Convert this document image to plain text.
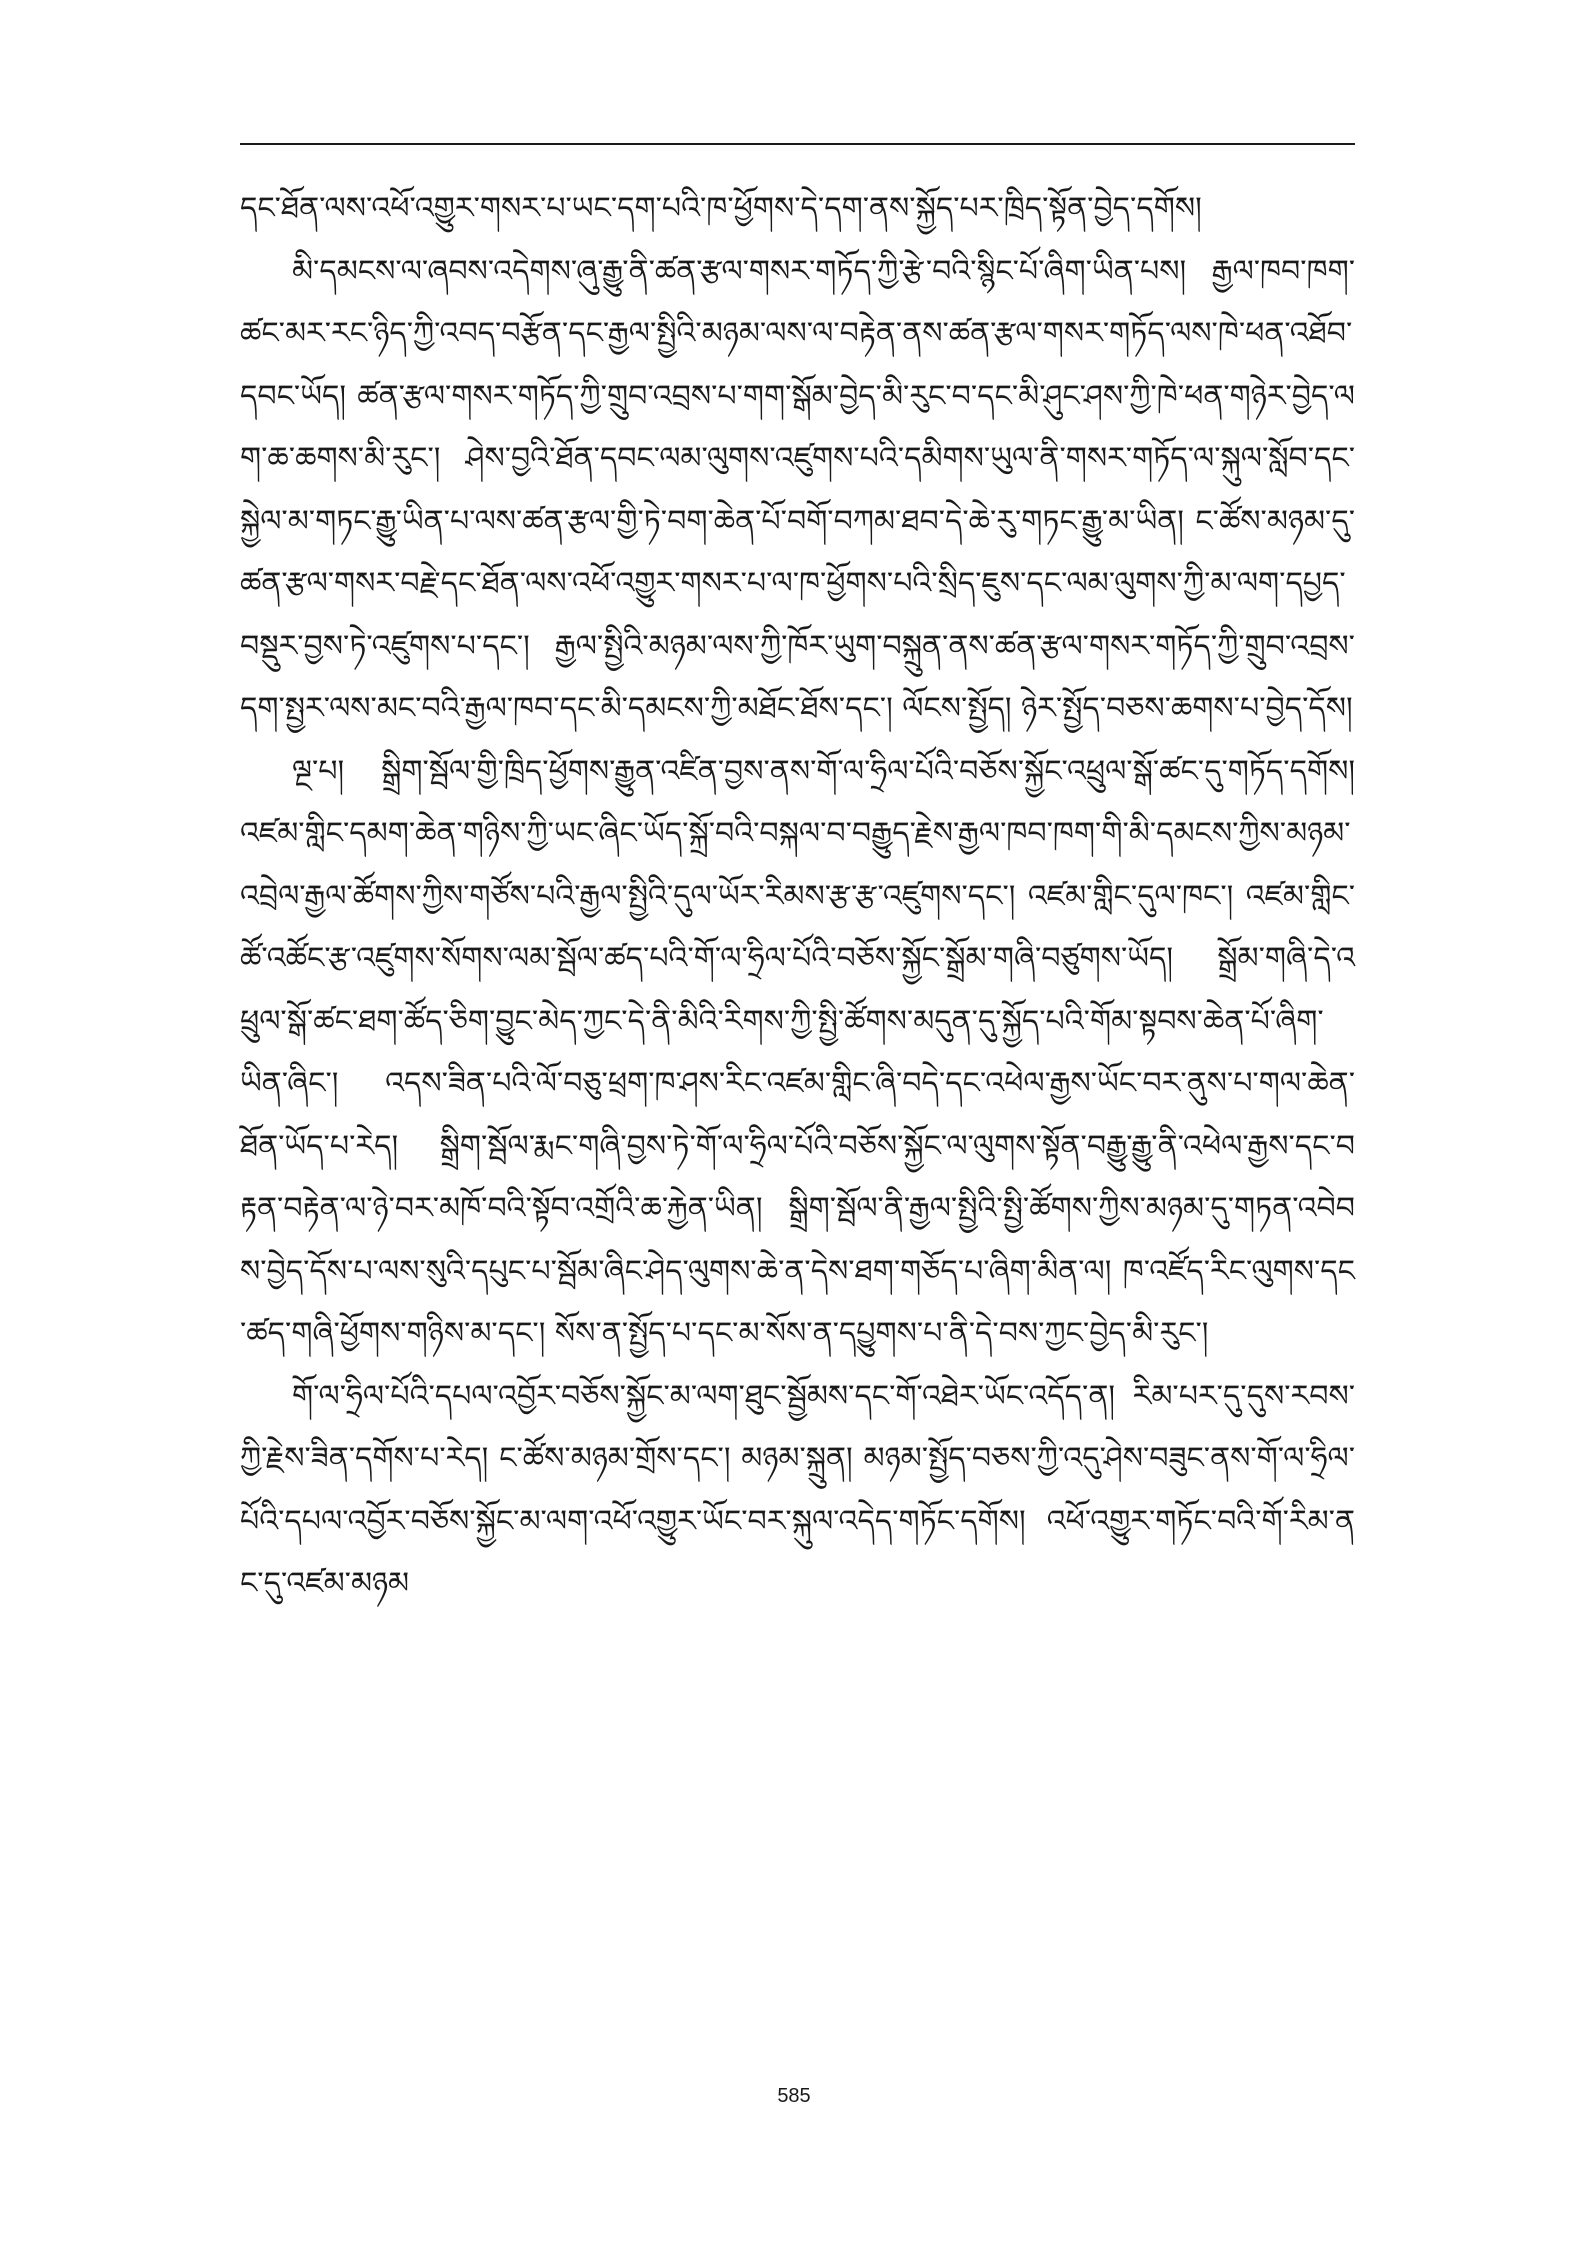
དང་ཐོན་ལས་འཕོ་འགྱུར་གསར་པ་ཡང་དག་པའི་ཁ་ཕྱོགས་དེ་དག་ནས་སྐྱོད་པར་ཁྲིད་སྟོན་བྱེད་དགོས།

མི་དམངས་ལ་ཞབས་འདེགས་ཞུ་རྒྱུ་ནི་ཚན་རྩལ་གསར་གཏོད་ཀྱི་རྩེ་བའི་སྙིང་པོ་ཞིག་ཡིན་པས། རྒྱལ་ཁབ་ཁག་ཚང་མར་རང་ཉིད་ཀྱི་འབད་བརྩོན་དང་རྒྱལ་སྤྱིའི་མཉམ་ལས་ལ་བརྟེན་ནས་ཚན་རྩལ་གསར་གཏོད་ལས་ཁེ་ཕན་འཐོབ་དབང་ཡོད། ཚན་རྩལ་གསར་གཏོད་ཀྱི་གྲུབ་འབྲས་པ་གག་སྒོམ་བྱེད་མི་རུང་བ་དང་མི་ཤུང་ཤས་ཀྱི་ཁེ་ཕན་གཉེར་བྱེད་ལག་ཆ་ཆགས་མི་རུང་། ཤེས་བྱའི་ཐོན་དབང་ལམ་ལུགས་འཛུགས་པའི་དམིགས་ཡུལ་ནི་གསར་གཏོད་ལ་སྐུལ་སློབ་དང་སྐྱེལ་མ་གཏང་རྒྱུ་ཡིན་པ་ལས་ཚན་རྩལ་གྱི་ཏེ་བག་ཆེན་པོ་བགོ་བཀམ་ཐབ་དེ་ཆེ་རུ་གཏང་རྒྱུ་མ་ཡིན། ང་ཚོས་མཉམ་དུ་ཚན་རྩལ་གསར་བརྗེ་དང་ཐོན་ལས་འཕོ་འགྱུར་གསར་པ་ལ་ཁ་ཕྱོགས་པའི་སྲིད་ཇུས་དང་ལམ་ལུགས་ཀྱི་མ་ལག་དཔྱད་བསྡུར་བྱས་ཏེ་འཛུགས་པ་དང་། རྒྱལ་སྤྱིའི་མཉམ་ལས་ཀྱི་ཁོར་ཡུག་བསྐྲུན་ནས་ཚན་རྩལ་གསར་གཏོད་ཀྱི་གྲུབ་འབྲས་དག་སྤྱར་ལས་མང་བའི་རྒྱལ་ཁབ་དང་མི་དམངས་ཀྱི་མཐོང་ཐོས་དང་། ལོངས་སྤྱོད། ཉེར་སྤྱོད་བཅས་ཆགས་པ་བྱེད་དོས།

ལྔ་པ། སྒྲིག་སྦོལ་གྱི་ཁྲིད་ཕྱོགས་རྒྱུན་འཛིན་བྱས་ནས་གོ་ལ་ཧྲིལ་པོའི་བཅོས་སྐྱོང་འཕྲུལ་སྒོ་ཚང་དུ་གཏོད་དགོས། འཛམ་གླིང་དམག་ཆེན་གཉིས་ཀྱི་ཡང་ཞིང་ཡོད་སྐྲོ་བའི་བསྐལ་བ་བརྒྱུད་རྗེས་རྒྱལ་ཁབ་ཁག་གི་མི་དམངས་ཀྱིས་མཉམ་འབྲེལ་རྒྱལ་ཚོགས་ཀྱིས་གཙོས་པའི་རྒྱལ་སྤྱིའི་དུལ་ཡོར་རིམས་རྩ་རྩ་འཛུགས་དང་། འཛམ་གླིང་དུལ་ཁང་། འཛམ་གླིང་ཚོ་འཚོང་རྩ་འཛུགས་སོགས་ལམ་སྦོལ་ཚད་པའི་གོ་ལ་ཧྲིལ་པོའི་བཅོས་སྐྱོང་སྒྲོམ་གཞི་བཙུགས་ཡོད། སྒྲོམ་གཞི་དེ་འཕྲུལ་སྒོ་ཚང་ཐག་ཚོད་ཅིག་བྱུང་མེད་ཀྱང་དེ་ནི་མིའི་རིགས་ཀྱི་སྤྱི་ཚོགས་མདུན་དུ་སྐྱོད་པའི་གོམ་སྟབས་ཆེན་པོ་ཞིག་ཡིན་ཞིང་། འདས་ཟིན་པའི་ལོ་བཅུ་ཕྲག་ཁ་ཤས་རིང་འཛམ་གླིང་ཞི་བདེ་དང་འཕེལ་རྒྱས་ཡོང་བར་ནུས་པ་གལ་ཆེན་ཐོན་ཡོད་པ་རེད། སྒྲིག་སྦོལ་རྨང་གཞི་བྱས་ཏེ་གོ་ལ་ཧྲིལ་པོའི་བཅོས་སྐྱོང་ལ་ལུགས་སྟོན་བརྒྱུ་རྒྱུ་ནི་འཕེལ་རྒྱས་དང་བརྟན་བརྟེན་ལ་ཉེ་བར་མཁོ་བའི་སྟོབ་འགྲོའི་ཆ་རྐྱེན་ཡིན། སྒྲིག་སྦོལ་ནི་རྒྱལ་སྤྱིའི་སྤྱི་ཚོགས་ཀྱིས་མཉམ་དུ་གཏན་འབེབས་བྱེད་དོས་པ་ལས་སུའི་དཔུང་པ་སྦོམ་ཞིང་ཤེད་ལུགས་ཆེ་ན་དེས་ཐག་གཅོད་པ་ཞིག་མིན་ལ། ཁ་འཛོད་རིང་ལུགས་དང་ཚད་གཞི་ཕྱོགས་གཉིས་མ་དང་། སོས་ན་སྤྱོད་པ་དང་མ་སོས་ན་དཔྱུགས་པ་ནི་དེ་བས་ཀྱང་བྱེད་མི་རུང་།

གོ་ལ་ཧྲིལ་པོའི་དཔལ་འབྱོར་བཅོས་སྐྱོང་མ་ལག་ཐུང་སྦྱོམས་དང་གོ་འཐེར་ཡོང་འདོད་ན། རིམ་པར་དུ་དུས་རབས་ཀྱི་རྗེས་ཟིན་དགོས་པ་རེད། ང་ཚོས་མཉམ་གྲོས་དང་། མཉམ་སྐྲུན། མཉམ་སྤྱོད་བཅས་ཀྱི་འདུ་ཤེས་བཟུང་ནས་གོ་ལ་ཧྲིལ་པོའི་དཔལ་འབྱོར་བཅོས་སྐྱོང་མ་ལག་འཕོ་འགྱུར་ཡོང་བར་སྐུལ་འདེད་གཏོང་དགོས། འཕོ་འགྱུར་གཏོང་བའི་གོ་རིམ་ནང་དུ་འཛམ་མཉམ

585
